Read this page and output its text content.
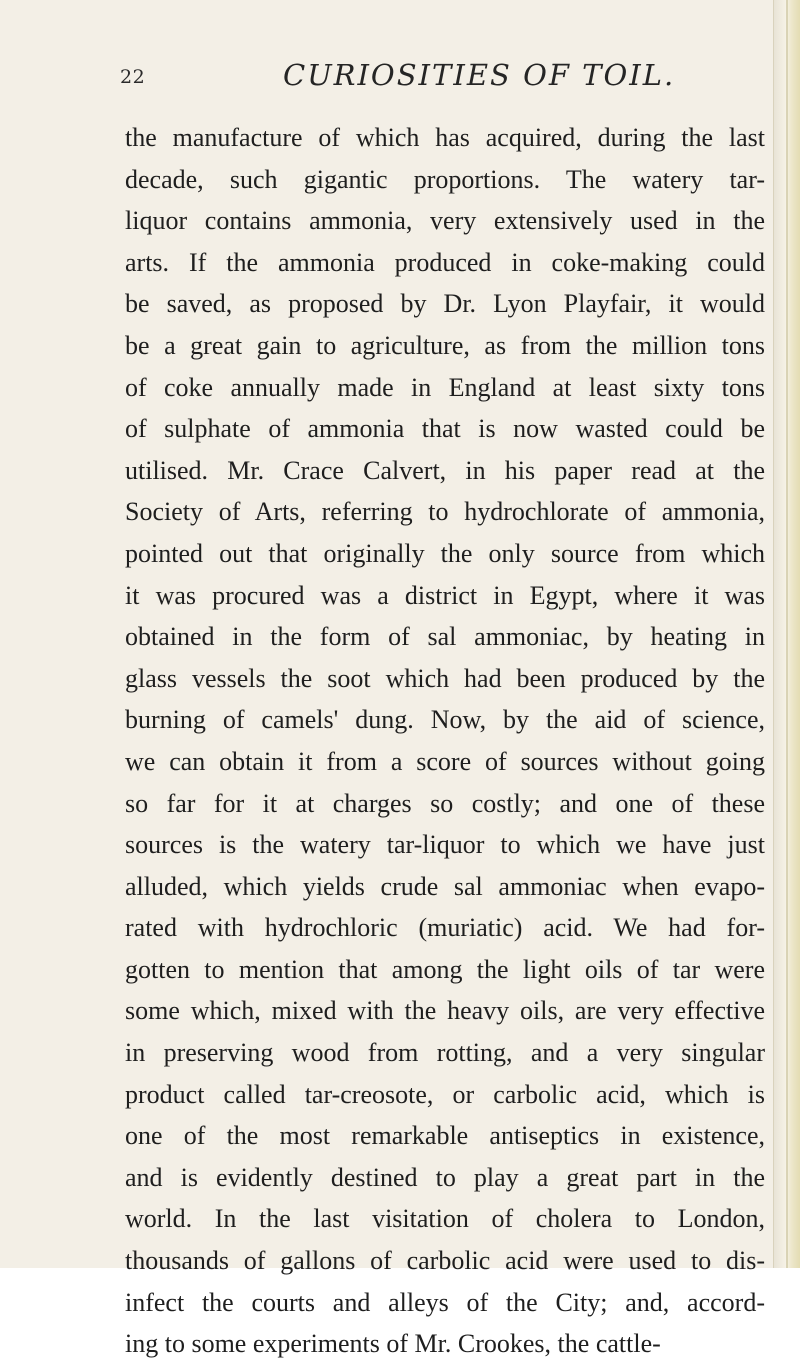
22	CURIOSITIES OF TOIL.
the manufacture of which has acquired, during the last
decade, such gigantic proportions. The watery tar-
liquor contains ammonia, very extensively used in the
arts. If the ammonia produced in coke-making could
be saved, as proposed by Dr. Lyon Playfair, it would
be a great gain to agriculture, as from the million tons
of coke annually made in England at least sixty tons
of sulphate of ammonia that is now wasted could be
utilised. Mr. Crace Calvert, in his paper read at the
Society of Arts, referring to hydrochlorate of ammonia,
pointed out that originally the only source from which
it was procured was a district in Egypt, where it was
obtained in the form of sal ammoniac, by heating in
glass vessels the soot which had been produced by the
burning of camels' dung. Now, by the aid of science,
we can obtain it from a score of sources without going
so far for it at charges so costly; and one of these
sources is the watery tar-liquor to which we have just
alluded, which yields crude sal ammoniac when evapo-
rated with hydrochloric (muriatic) acid. We had for-
gotten to mention that among the light oils of tar were
some which, mixed with the heavy oils, are very effective
in preserving wood from rotting, and a very singular
product called tar-creosote, or carbolic acid, which is
one of the most remarkable antiseptics in existence,
and is evidently destined to play a great part in the
world. In the last visitation of cholera to London,
thousands of gallons of carbolic acid were used to dis-
infect the courts and alleys of the City; and, accord-
ing to some experiments of Mr. Crookes, the cattle-
